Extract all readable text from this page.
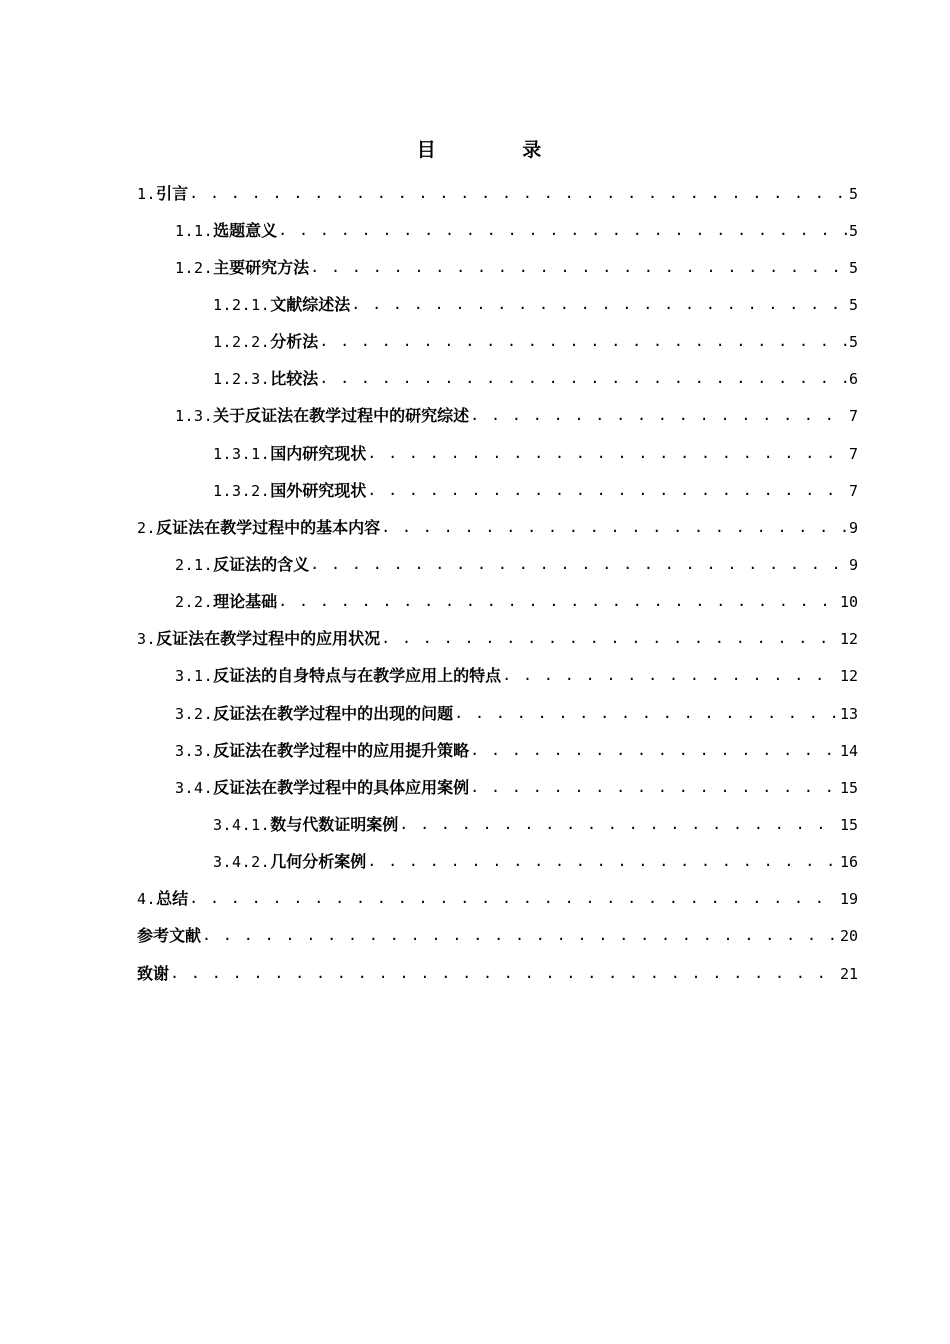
目 录
1. 引言 . . .	5
1.1. 选题意义 . . .	5
1.2. 主要研究方法 . . .	5
1.2.1. 文献综述法 . . .	5
1.2.2. 分析法 . . .	5
1.2.3. 比较法 . . .	6
1.3. 关于反证法在教学过程中的研究综述 . . .	7
1.3.1. 国内研究现状 . . .	7
1.3.2. 国外研究现状 . . .	7
2. 反证法在教学过程中的基本内容 . . .	9
2.1. 反证法的含义 . . .	9
2.2. 理论基础 . . .	10
3. 反证法在教学过程中的应用状况 . . .	12
3.1. 反证法的自身特点与在教学应用上的特点 . . .	12
3.2. 反证法在教学过程中的出现的问题 . . .	13
3.3. 反证法在教学过程中的应用提升策略 . . .	14
3.4. 反证法在教学过程中的具体应用案例 . . .	15
3.4.1. 数与代数证明案例 . . .	15
3.4.2. 几何分析案例 . . .	16
4. 总结 . . .	19
参考文献 . . .	20
致谢 . . .	21
